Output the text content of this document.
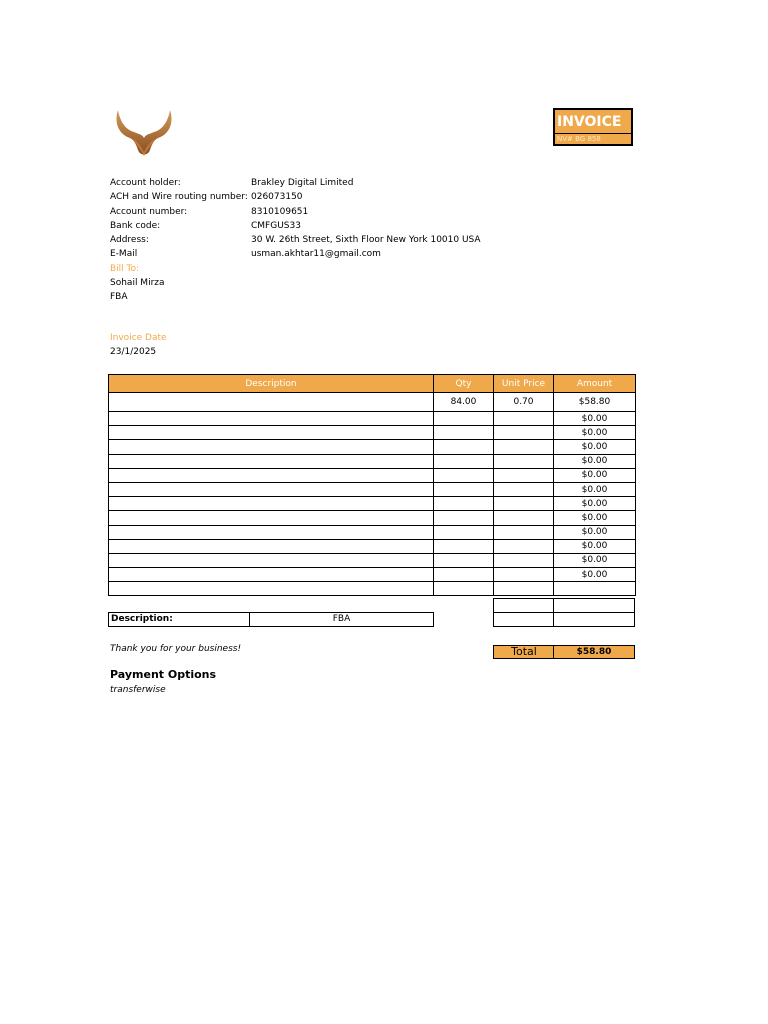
INVOICE
NV# BG 858
Account holder:	Brakley Digital Limited
ACH and Wire routing number: 026073150
Account number:	8310109651
Bank code:	CMFGUS33
Address:	30 W. 26th Street, Sixth Floor New York 10010 USA
E-Mail	usman.akhtar11@gmail.com
Bill To:
Sohail Mirza
FBA
Invoice Date
23/1/2025
Description	Qty	Unit Price	Amount
	84.00	0.70	$58.80
			$0.00
			$0.00
			$0.00
			$0.00
			$0.00
			$0.00
			$0.00
			$0.00
			$0.00
			$0.00
			$0.00
			$0.00

Description:	FBA
Thank you for your business!	Total	$58.80
Payment Options
transferwise
